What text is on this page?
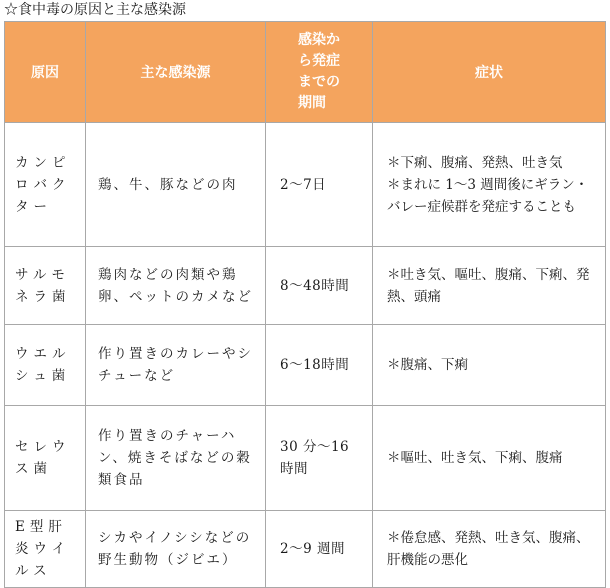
☆食中毒の原因と主な感染源
原因	主な感染源	感染か
ら発症
までの
期間	症状
カンピロバクター	鶏、牛、豚などの肉	2〜7日	＊下痢、腹痛、発熱、吐き気
＊まれに 1〜3 週間後にギラン・バレー症候群を発症することも

サルモネラ菌	鶏肉などの肉類や鶏卵、ペットのカメなど	8〜48時間	＊吐き気、嘔吐、腹痛、下痢、発熱、頭痛

ウエルシュ菌	作り置きのカレーやシチューなど	6〜18時間	＊腹痛、下痢

セレウス菌	作り置きのチャーハン、焼きそばなどの穀類食品	30 分〜16時間	＊嘔吐、吐き気、下痢、腹痛

E型肝炎ウイルス	シカやイノシシなどの野生動物（ジビエ）	2〜9 週間	＊倦怠感、発熱、吐き気、腹痛、肝機能の悪化
